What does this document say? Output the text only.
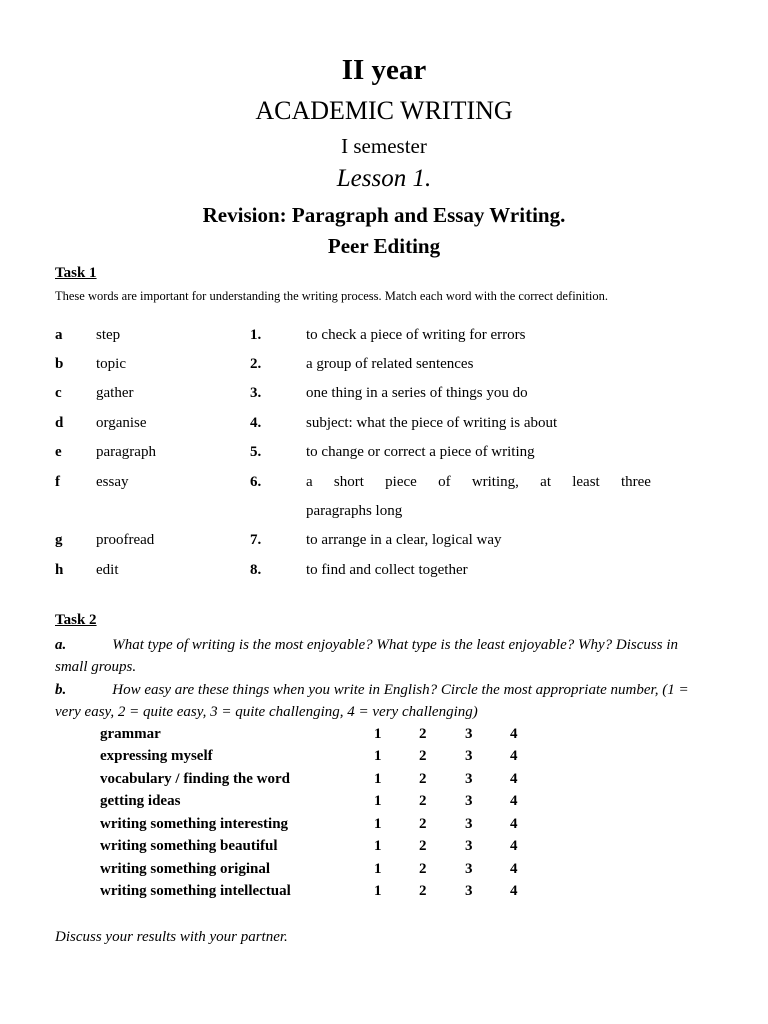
II year
ACADEMIC WRITING
I semester
Lesson 1.
Revision: Paragraph and Essay Writing.
Peer Editing
Task 1
These words are important for understanding the writing process. Match each word with the correct definition.
a step	1.	to check a piece of writing for errors
b topic	2.	a group of related sentences
c gather	3.	one thing in a series of things you do
d organise	4.	subject: what the piece of writing is about
e paragraph	5.	to change or correct a piece of writing
f essay	6.	a short piece of writing, at least three
paragraphs long
g proofread	7.	to arrange in a clear, logical way
h edit	8.	to find and collect together
Task 2
a.	What type of writing is the most enjoyable? What type is the least enjoyable? Why? Discuss in small groups.
b.	How easy are these things when you write in English? Circle the most appropriate number, (1 = very easy, 2 = quite easy, 3 = quite challenging, 4 = very challenging)
grammar	1	2	3	4
expressing myself	1	2	3	4
vocabulary / finding the word	1	2	3	4
getting ideas	1	2	3	4
writing something interesting	1	2	3	4
writing something beautiful	1	2	3	4
writing something original	1	2	3	4
writing something intellectual	1	2	3	4
Discuss your results with your partner.
